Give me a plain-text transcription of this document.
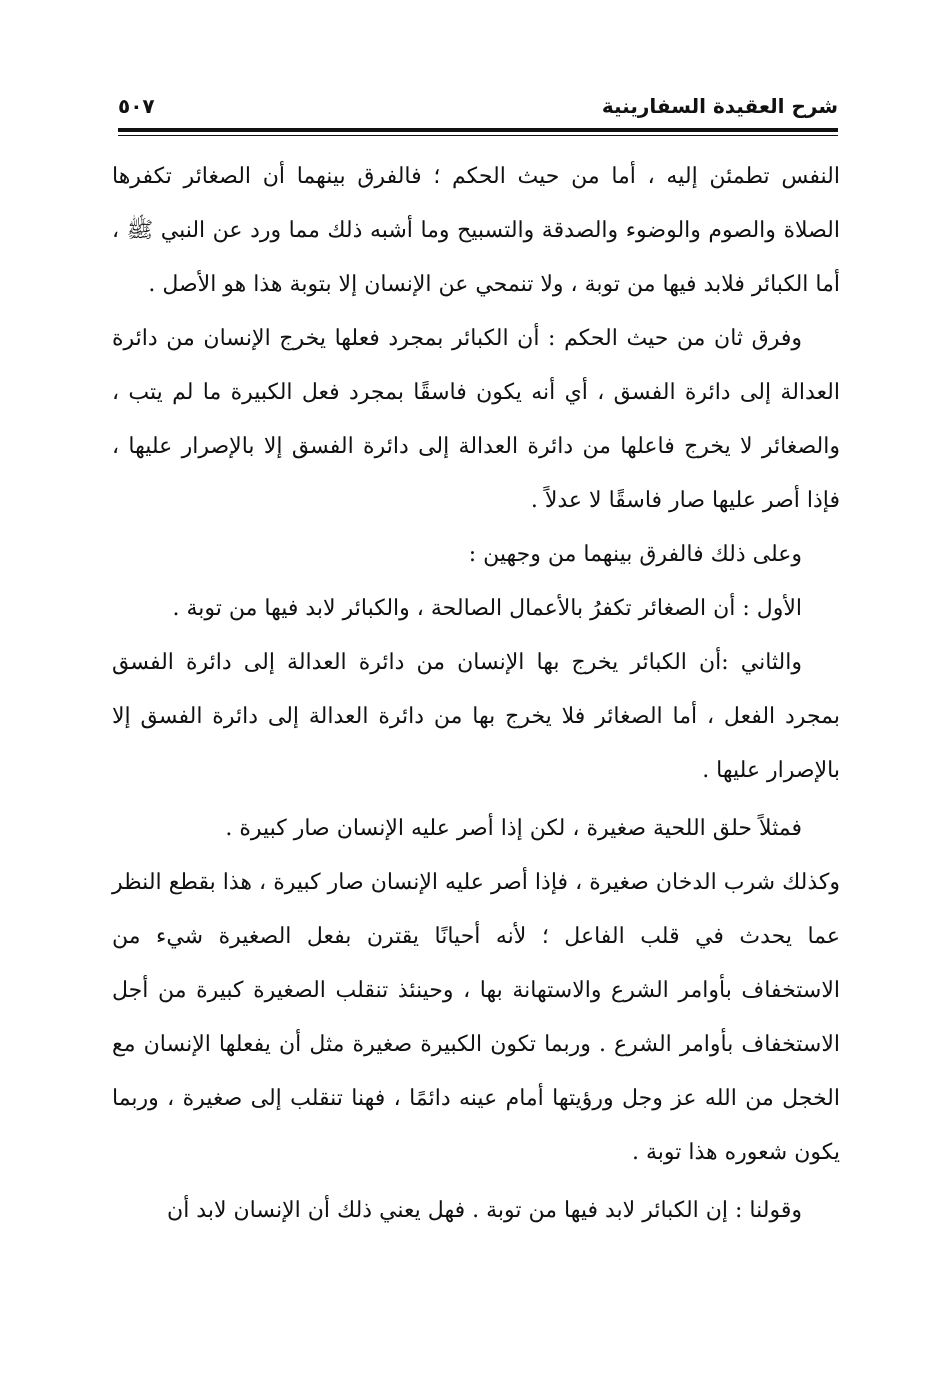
شرح العقيدة السفارينية
٥٠٧

النفس تطمئن إليه ، أما من حيث الحكم ؛ فالفرق بينهما أن الصغائر تكفرها الصلاة والصوم والوضوء والصدقة والتسبيح وما أشبه ذلك مما ورد عن النبي ﷺ ، أما الكبائر فلابد فيها من توبة ، ولا تنمحي عن الإنسان إلا بتوبة هذا هو الأصل .

وفرق ثان من حيث الحكم : أن الكبائر بمجرد فعلها يخرج الإنسان من دائرة العدالة إلى دائرة الفسق ، أي أنه يكون فاسقًا بمجرد فعل الكبيرة ما لم يتب ، والصغائر لا يخرج فاعلها من دائرة العدالة إلى دائرة الفسق إلا بالإصرار عليها ، فإذا أصر عليها صار فاسقًا لا عدلاً .

وعلى ذلك فالفرق بينهما من وجهين :

الأول : أن الصغائر تكفرُ بالأعمال الصالحة ، والكبائر لابد فيها من توبة .

والثاني :أن الكبائر يخرج بها الإنسان من دائرة العدالة إلى دائرة الفسق بمجرد الفعل ، أما الصغائر فلا يخرج بها من دائرة العدالة إلى دائرة الفسق إلا بالإصرار عليها .

فمثلاً حلق اللحية صغيرة ، لكن إذا أصر عليه الإنسان صار كبيرة .

وكذلك شرب الدخان صغيرة ، فإذا أصر عليه الإنسان صار كبيرة ، هذا بقطع النظر عما يحدث في قلب الفاعل ؛ لأنه أحيانًا يقترن بفعل الصغيرة شيء من الاستخفاف بأوامر الشرع والاستهانة بها ، وحينئذ تنقلب الصغيرة كبيرة من أجل الاستخفاف بأوامر الشرع . وربما تكون الكبيرة صغيرة مثل أن يفعلها الإنسان مع الخجل من الله عز وجل ورؤيتها أمام عينه دائمًا ، فهنا تنقلب إلى صغيرة ، وربما يكون شعوره هذا توبة .

وقولنا : إن الكبائر لابد فيها من توبة . فهل يعني ذلك أن الإنسان لابد أن
